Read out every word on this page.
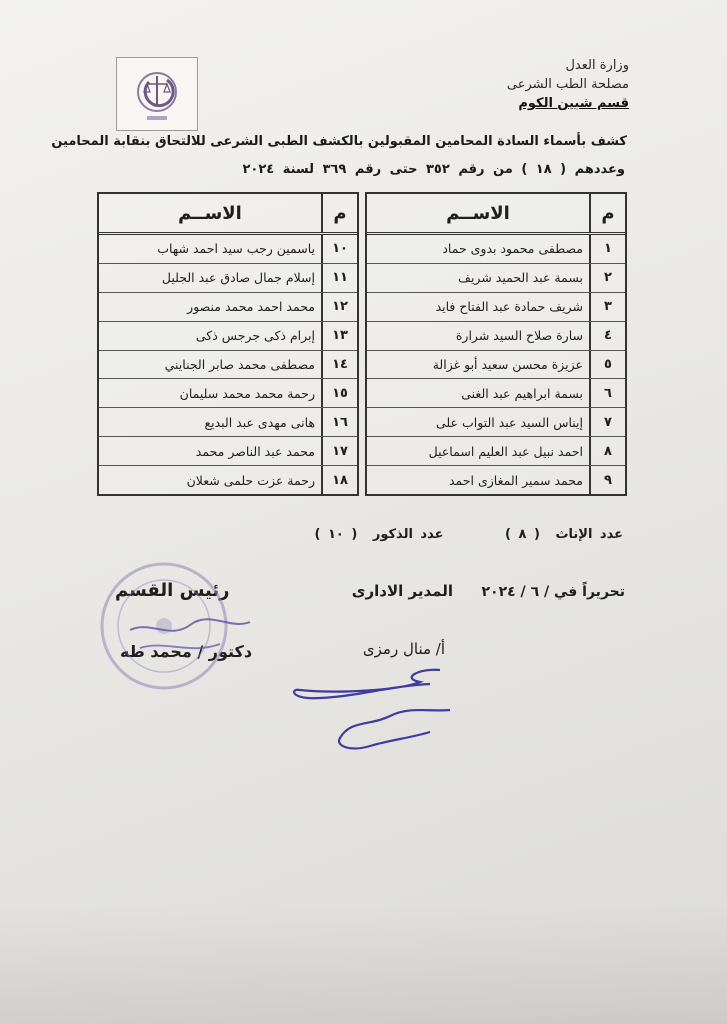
وزارة العدل
مصلحة الطب الشرعى
قسم شبين الكوم
كشف بأسماء السادة المحامين المقبولين بالكشف الطبى الشرعى للالتحاق بنقابة المحامين
وعددهم ( ١٨ ) من رقم ٣٥٢ حتى رقم ٣٦٩ لسنة ٢٠٢٤
م
الاســم
١
مصطفى محمود بدوى حماد
٢
بسمة عبد الحميد شريف
٣
شريف حمادة عبد الفتاح فايد
٤
سارة صلاح السيد شرارة
٥
عزيزة محسن سعيد أبو غزالة
٦
بسمة ابراهيم عبد الغنى
٧
إيناس السيد عبد التواب على
٨
احمد نبيل عبد العليم اسماعيل
٩
محمد سمير المغازى احمد
م
الاســم
١٠
ياسمين رجب سيد احمد شهاب
١١
إسلام جمال صادق عبد الجليل
١٢
محمد احمد محمد منصور
١٣
إبرام ذكى جرجس ذكى
١٤
مصطفى محمد صابر الجنايني
١٥
رحمة محمد محمد سليمان
١٦
هانى مهدى عبد البديع
١٧
محمد عبد الناصر محمد
١٨
رحمة عزت حلمى شعلان
عدد الإناث ( ٨ ) عدد الذكور ( ١٠ )
تحريراً في / ٦ / ٢٠٢٤
المدير الادارى
رئيس القسم
أ/ منال رمزى
دكتور / محمد طه
